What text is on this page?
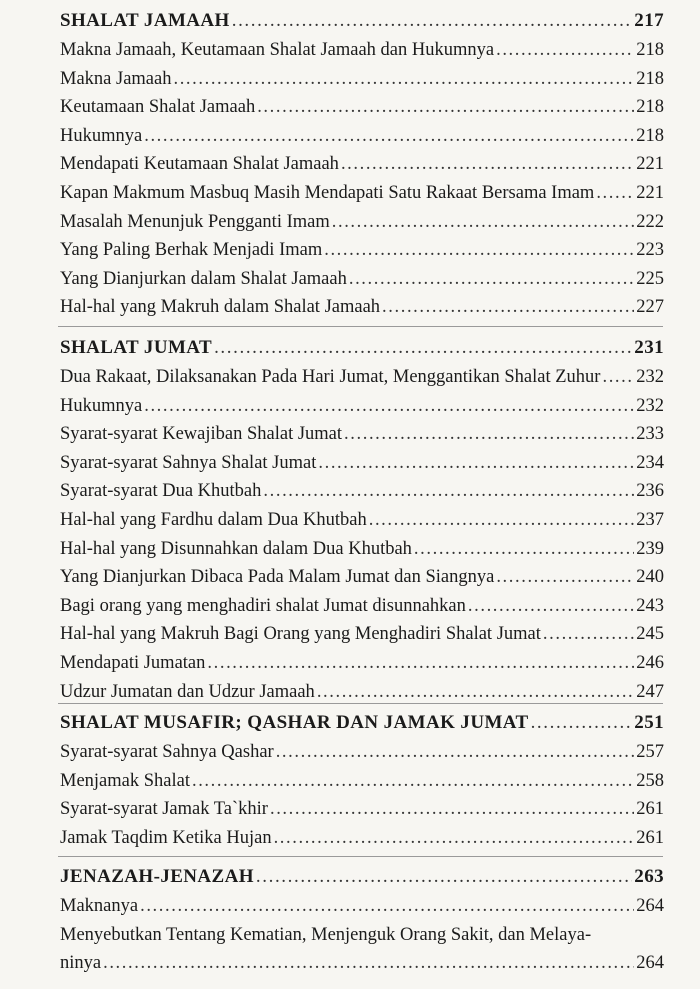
SHALAT JAMAAH .....	217
Makna Jamaah, Keutamaan Shalat Jamaah dan Hukumnya .....	218
Makna Jamaah .....	218
Keutamaan Shalat Jamaah .....	218
Hukumnya .....	218
Mendapati Keutamaan Shalat Jamaah .....	221
Kapan Makmum Masbuq Masih Mendapati Satu Rakaat Bersama Imam ..... 221
Masalah Menunjuk Pengganti Imam .....	222
Yang Paling Berhak Menjadi Imam .....	223
Yang Dianjurkan dalam Shalat Jamaah .....	225
Hal-hal yang Makruh dalam Shalat Jamaah .....	227
SHALAT JUMAT .....	231
Dua Rakaat, Dilaksanakan Pada Hari Jumat, Menggantikan Shalat Zuhur ..... 232
Hukumnya .....	232
Syarat-syarat Kewajiban Shalat Jumat .....	233
Syarat-syarat Sahnya Shalat Jumat .....	234
Syarat-syarat Dua Khutbah .....	236
Hal-hal yang Fardhu dalam Dua Khutbah .....	237
Hal-hal yang Disunnahkan dalam Dua Khutbah .....	239
Yang Dianjurkan Dibaca Pada Malam Jumat dan Siangnya .....	240
Bagi orang yang menghadiri shalat Jumat disunnahkan .....	243
Hal-hal yang Makruh Bagi Orang yang Menghadiri Shalat Jumat .....	245
Mendapati Jumatan .....	246
Udzur Jumatan dan Udzur Jamaah .....	247
SHALAT MUSAFIR; QASHAR DAN JAMAK JUMAT .....	251
Syarat-syarat Sahnya Qashar .....	257
Menjamak Shalat .....	258
Syarat-syarat Jamak Ta`khir .....	261
Jamak Taqdim Ketika Hujan .....	261
JENAZAH-JENAZAH .....	263
Maknanya .....	264
Menyebutkan Tentang Kematian, Menjenguk Orang Sakit, dan Melaya-
ninya .....	264
